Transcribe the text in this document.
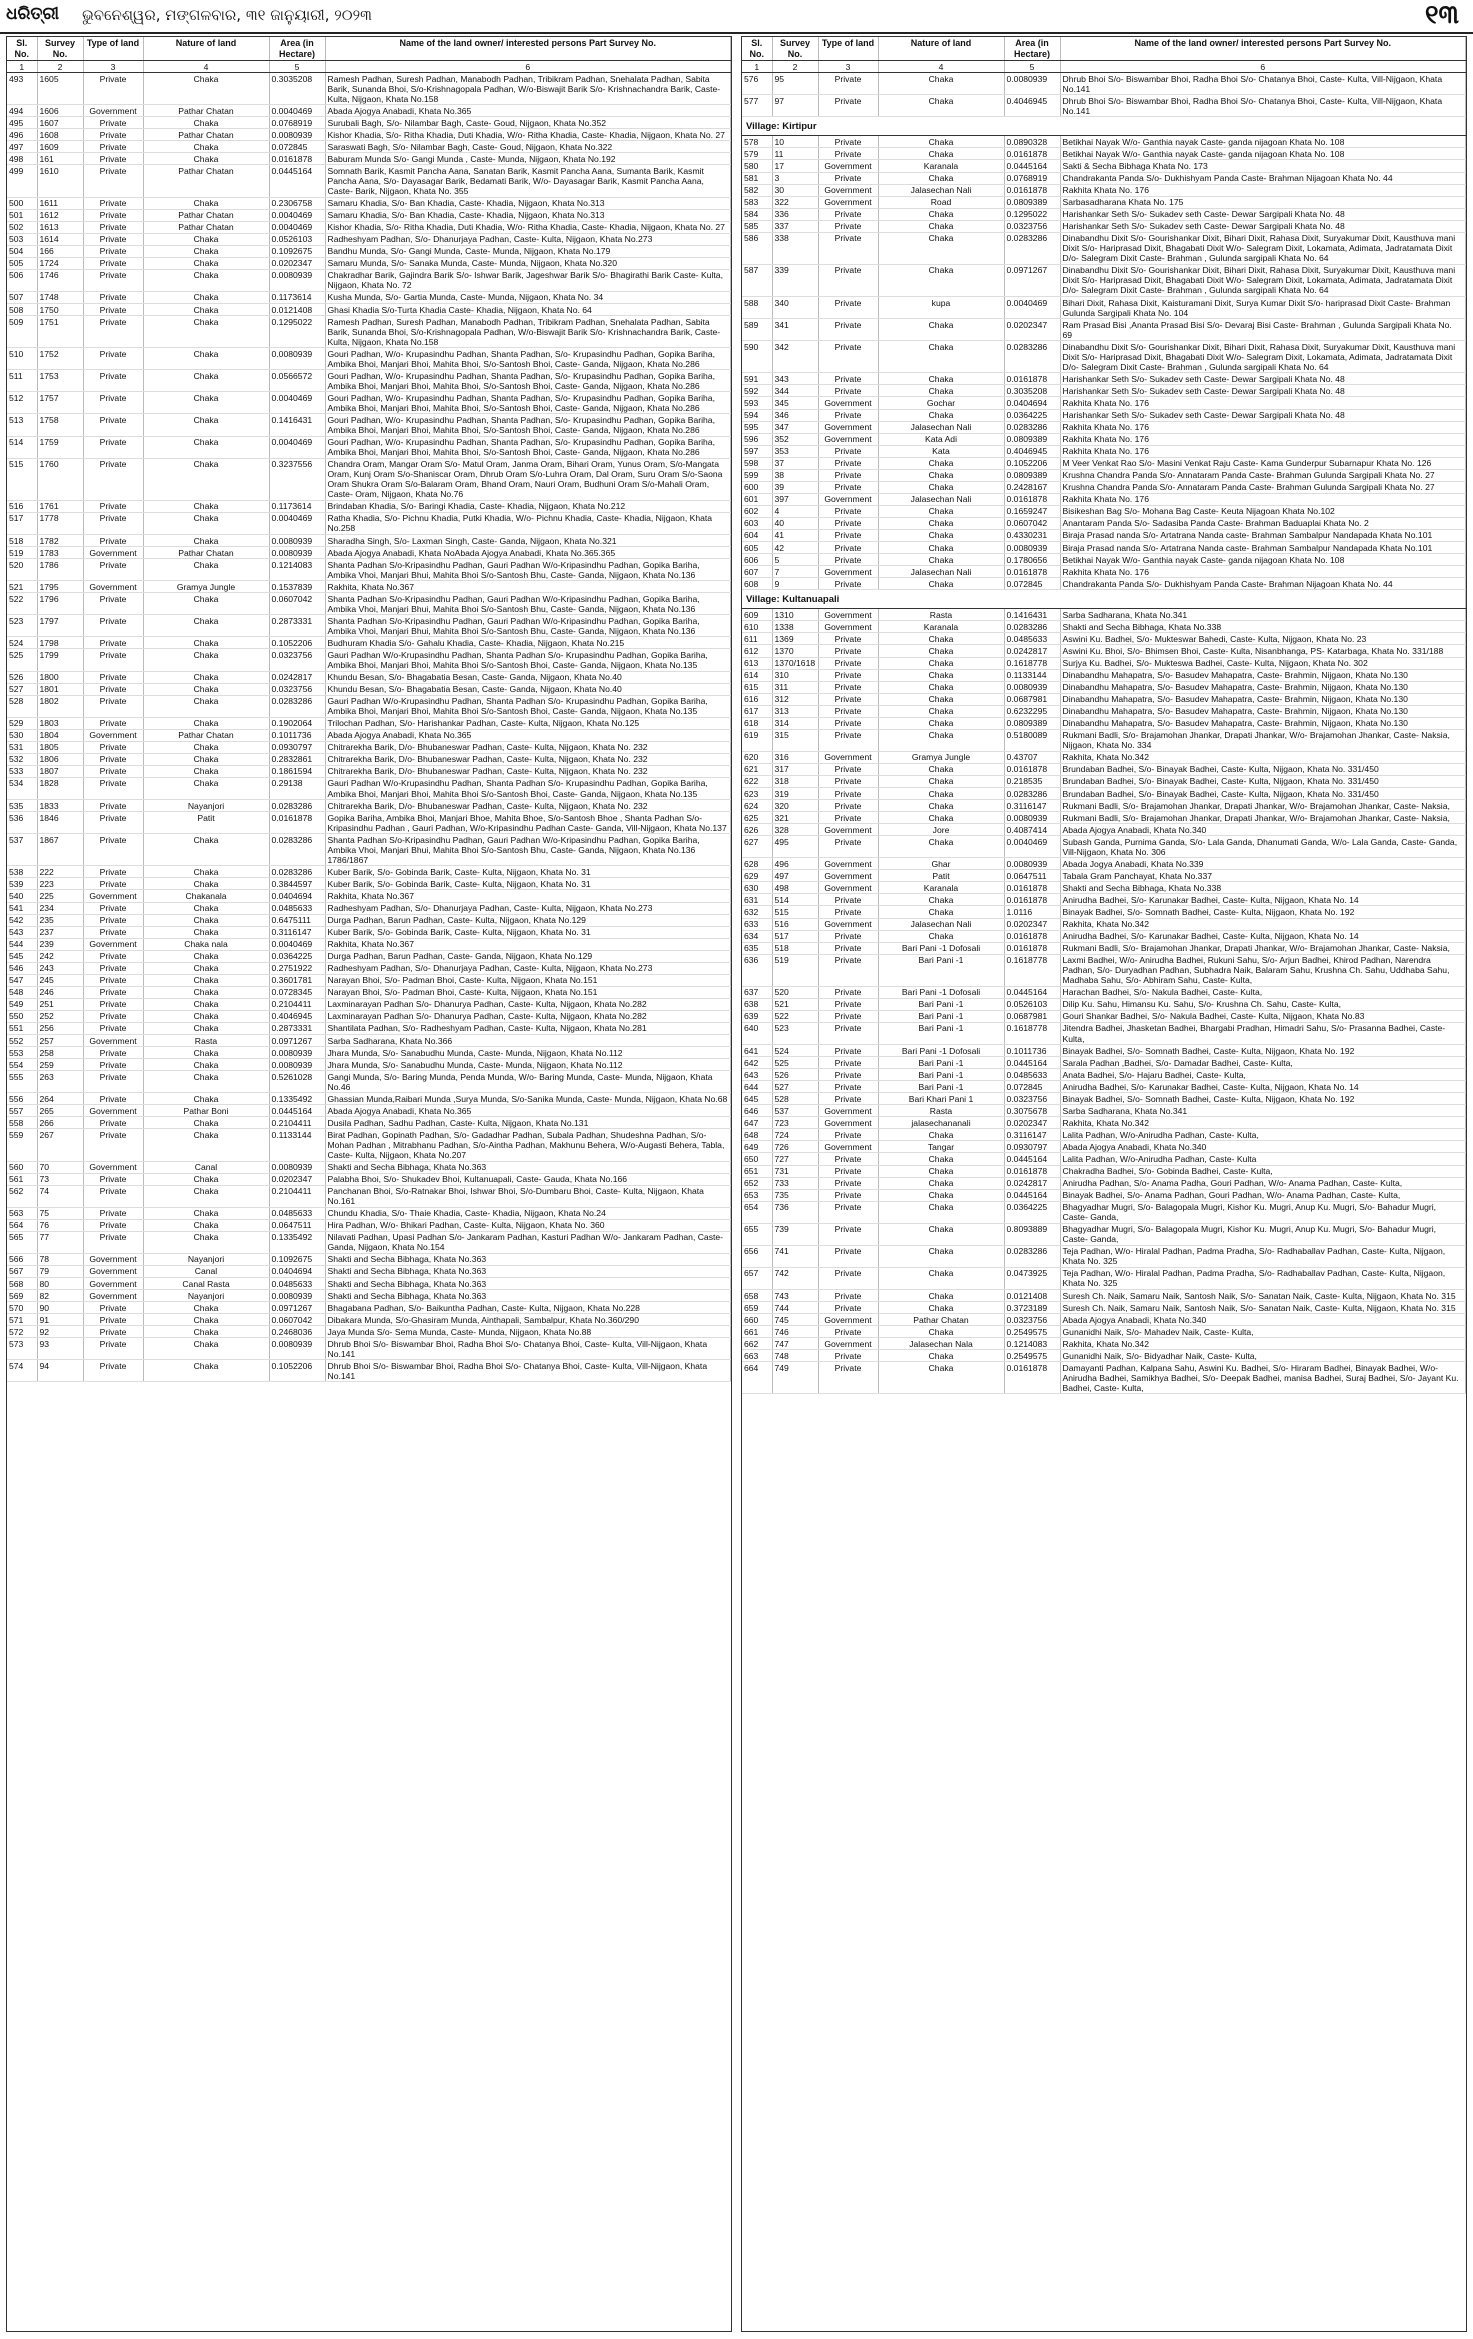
ଧରିତ୍ରୀ ଭୁବନେଶ୍ୱର, ମଙ୍ଗଳବାର, ୩୧ ଜାନୁୟାରୀ, ୨୦୨୩	୧୩
Sl. No.	Survey No.	Type of land	Nature of land	Area (in Hectare)	Name of the land owner/ interested persons Part Survey No.
1	2	3	4	5	6
493	1605	Private	Chaka	0.3035208	Ramesh Padhan, Suresh Padhan, Manabodh Padhan, Tribikram Padhan, Snehalata Padhan, Sabita Barik, Sunanda Bhoi, S/o-Krishnagopala Padhan, W/o-Biswajit Barik S/o- Krishnachandra Barik, Caste- Kulta, Nijgaon, Khata No.158
494	1606	Government	Pathar Chatan	0.0040469	Abada Ajogya Anabadi, Khata No.365
495	1607	Private	Chaka	0.0768919	Surubali Bagh, S/o- Nilambar Bagh, Caste- Goud, Nijgaon, Khata No.352
496	1608	Private	Pathar Chatan	0.0080939	Kishor Khadia, S/o- Ritha Khadia, Duti Khadia, W/o- Ritha Khadia, Caste- Khadia, Nijgaon, Khata No. 27
497	1609	Private	Chaka	0.072845	Saraswati Bagh, S/o- Nilambar Bagh, Caste- Goud, Nijgaon, Khata No.322
498	161	Private	Chaka	0.0161878	Baburam Munda S/o- Gangi Munda , Caste- Munda, Nijgaon, Khata No.192
499	1610	Private	Pathar Chatan	0.0445164	Somnath Barik, Kasmit Pancha Aana, Sanatan Barik, Kasmit Pancha Aana, Sumanta Barik, Kasmit Pancha Aana, S/o- Dayasagar Barik, Bedamati Barik, W/o- Dayasagar Barik, Kasmit Pancha Aana, Caste- Barik, Nijgaon, Khata No. 355
500	1611	Private	Chaka	0.2306758	Samaru Khadia, S/o- Ban Khadia, Caste- Khadia, Nijgaon, Khata No.313
501	1612	Private	Pathar Chatan	0.0040469	Samaru Khadia, S/o- Ban Khadia, Caste- Khadia, Nijgaon, Khata No.313
502	1613	Private	Pathar Chatan	0.0040469	Kishor Khadia, S/o- Ritha Khadia, Duti Khadia, W/o- Ritha Khadia, Caste- Khadia, Nijgaon, Khata No. 27
503	1614	Private	Chaka	0.0526103	Radheshyam Padhan, S/o- Dhanurjaya Padhan, Caste- Kulta, Nijgaon, Khata No.273
504	166	Private	Chaka	0.1092675	Bandhu Munda, S/o- Gangi Munda, Caste- Munda, Nijgaon, Khata No.179
505	1724	Private	Chaka	0.0202347	Samaru Munda, S/o- Sanaka Munda, Caste- Munda, Nijgaon, Khata No.320
506	1746	Private	Chaka	0.0080939	Chakradhar Barik, Gajindra Barik S/o- Ishwar Barik, Jageshwar Barik S/o- Bhagirathi Barik Caste- Kulta, Nijgaon, Khata No. 72
507	1748	Private	Chaka	0.1173614	Kusha Munda, S/o- Gartia Munda, Caste- Munda, Nijgaon, Khata No. 34
508	1750	Private	Chaka	0.0121408	Ghasi Khadia S/o-Turta Khadia Caste- Khadia, Nijgaon, Khata No. 64
509	1751	Private	Chaka	0.1295022	Ramesh Padhan, Suresh Padhan, Manabodh Padhan, Tribikram Padhan, Snehalata Padhan, Sabita Barik, Sunanda Bhoi, S/o-Krishnagopala Padhan, W/o-Biswajit Barik S/o- Krishnachandra Barik, Caste- Kulta, Nijgaon, Khata No.158
510	1752	Private	Chaka	0.0080939	Gouri Padhan, W/o- Krupasindhu Padhan, Shanta Padhan, S/o- Krupasindhu Padhan, Gopika Bariha, Ambika Bhoi, Manjari Bhoi, Mahita Bhoi, S/o-Santosh Bhoi, Caste- Ganda, Nijgaon, Khata No.286
511	1753	Private	Chaka	0.0566572	Gouri Padhan, W/o- Krupasindhu Padhan, Shanta Padhan, S/o- Krupasindhu Padhan, Gopika Bariha, Ambika Bhoi, Manjari Bhoi, Mahita Bhoi, S/o-Santosh Bhoi, Caste- Ganda, Nijgaon, Khata No.286
512	1757	Private	Chaka	0.0040469	Gouri Padhan, W/o- Krupasindhu Padhan, Shanta Padhan, S/o- Krupasindhu Padhan, Gopika Bariha, Ambika Bhoi, Manjari Bhoi, Mahita Bhoi, S/o-Santosh Bhoi, Caste- Ganda, Nijgaon, Khata No.286
513	1758	Private	Chaka	0.1416431	Gouri Padhan, W/o- Krupasindhu Padhan, Shanta Padhan, S/o- Krupasindhu Padhan, Gopika Bariha, Ambika Bhoi, Manjari Bhoi, Mahita Bhoi, S/o-Santosh Bhoi, Caste- Ganda, Nijgaon, Khata No.286
514	1759	Private	Chaka	0.0040469	Gouri Padhan, W/o- Krupasindhu Padhan, Shanta Padhan, S/o- Krupasindhu Padhan, Gopika Bariha, Ambika Bhoi, Manjari Bhoi, Mahita Bhoi, S/o-Santosh Bhoi, Caste- Ganda, Nijgaon, Khata No.286
515	1760	Private	Chaka	0.3237556	Chandra Oram, Mangar Oram S/o- Matul Oram, Janma Oram, Bihari Oram, Yunus Oram, S/o-Mangata Oram, Kunj Oram S/o-Shaniscar Oram, Dhrub Oram S/o-Luhra Oram, Dal Oram, Suru Oram S/o-Saona Oram Shukra Oram S/o-Balaram Oram, Bhand Oram, Nauri Oram, Budhuni Oram S/o-Mahali Oram, Caste- Oram, Nijgaon, Khata No.76
516	1761	Private	Chaka	0.1173614	Brindaban Khadia, S/o- Baringi Khadia, Caste- Khadia, Nijgaon, Khata No.212
517	1778	Private	Chaka	0.0040469	Ratha Khadia, S/o- Pichnu Khadia, Putki Khadia, W/o- Pichnu Khadia, Caste- Khadia, Nijgaon, Khata No.258
518	1782	Private	Chaka	0.0080939	Sharadha Singh, S/o- Laxman Singh, Caste- Ganda, Nijgaon, Khata No.321
519	1783	Government	Pathar Chatan	0.0080939	Abada Ajogya Anabadi, Khata NoAbada Ajogya Anabadi, Khata No.365.365
520	1786	Private	Chaka	0.1214083	Shanta Padhan S/o-Kripasindhu Padhan, Gauri Padhan W/o-Kripasindhu Padhan, Gopika Bariha, Ambika Vhoi, Manjari Bhui, Mahita Bhoi S/o-Santosh Bhu, Caste- Ganda, Nijgaon, Khata No.136
521	1795	Government	Gramya Jungle	0.1537839	Rakhita, Khata No.367
522	1796	Private	Chaka	0.0607042	Shanta Padhan S/o-Kripasindhu Padhan, Gauri Padhan W/o-Kripasindhu Padhan, Gopika Bariha, Ambika Vhoi, Manjari Bhui, Mahita Bhoi S/o-Santosh Bhu, Caste- Ganda, Nijgaon, Khata No.136
523	1797	Private	Chaka	0.2873331	Shanta Padhan S/o-Kripasindhu Padhan, Gauri Padhan W/o-Kripasindhu Padhan, Gopika Bariha, Ambika Vhoi, Manjari Bhui, Mahita Bhoi S/o-Santosh Bhu, Caste- Ganda, Nijgaon, Khata No.136
524	1798	Private	Chaka	0.1052206	Budhuram Khadia S/o- Gahalu Khadia, Caste- Khadia, Nijgaon, Khata No.215
525	1799	Private	Chaka	0.0323756	Gauri Padhan W/o-Krupasindhu Padhan, Shanta Padhan S/o- Krupasindhu Padhan, Gopika Bariha, Ambika Bhoi, Manjari Bhoi, Mahita Bhoi S/o-Santosh Bhoi, Caste- Ganda, Nijgaon, Khata No.135
526	1800	Private	Chaka	0.0242817	Khundu Besan, S/o- Bhagabatia Besan, Caste- Ganda, Nijgaon, Khata No.40
527	1801	Private	Chaka	0.0323756	Khundu Besan, S/o- Bhagabatia Besan, Caste- Ganda, Nijgaon, Khata No.40
528	1802	Private	Chaka	0.0283286	Gauri Padhan W/o-Krupasindhu Padhan, Shanta Padhan S/o- Krupasindhu Padhan, Gopika Bariha, Ambika Bhoi, Manjari Bhoi, Mahita Bhoi S/o-Santosh Bhoi, Caste- Ganda, Nijgaon, Khata No.135
529	1803	Private	Chaka	0.1902064	Trilochan Padhan, S/o- Harishankar Padhan, Caste- Kulta, Nijgaon, Khata No.125
530	1804	Government	Pathar Chatan	0.1011736	Abada Ajogya Anabadi, Khata No.365
531	1805	Private	Chaka	0.0930797	Chitrarekha Barik, D/o- Bhubaneswar Padhan, Caste- Kulta, Nijgaon, Khata No. 232
532	1806	Private	Chaka	0.2832861	Chitrarekha Barik, D/o- Bhubaneswar Padhan, Caste- Kulta, Nijgaon, Khata No. 232
533	1807	Private	Chaka	0.1861594	Chitrarekha Barik, D/o- Bhubaneswar Padhan, Caste- Kulta, Nijgaon, Khata No. 232
534	1828	Private	Chaka	0.29138	Gauri Padhan W/o-Krupasindhu Padhan, Shanta Padhan S/o- Krupasindhu Padhan, Gopika Bariha, Ambika Bhoi, Manjari Bhoi, Mahita Bhoi S/o-Santosh Bhoi, Caste- Ganda, Nijgaon, Khata No.135
535	1833	Private	Nayanjori	0.0283286	Chitrarekha Barik, D/o- Bhubaneswar Padhan, Caste- Kulta, Nijgaon, Khata No. 232
536	1846	Private	Patit	0.0161878	Gopika Bariha, Ambika Bhoi, Manjari Bhoe, Mahita Bhoe, S/o-Santosh Bhoe , Shanta Padhan S/o-Kripasindhu Padhan , Gauri Padhan, W/o-Kripasindhu Padhan Caste- Ganda, Vill-Nijgaon, Khata No.137
537	1867	Private	Chaka	0.0283286	Shanta Padhan S/o-Kripasindhu Padhan, Gauri Padhan W/o-Kripasindhu Padhan, Gopika Bariha, Ambika Vhoi, Manjari Bhui, Mahita Bhoi S/o-Santosh Bhu, Caste- Ganda, Nijgaon, Khata No.136 1786/1867
538	222	Private	Chaka	0.0283286	Kuber Barik, S/o- Gobinda Barik, Caste- Kulta, Nijgaon, Khata No. 31
539	223	Private	Chaka	0.3844597	Kuber Barik, S/o- Gobinda Barik, Caste- Kulta, Nijgaon, Khata No. 31
540	225	Government	Chakanala	0.0404694	Rakhita, Khata No.367
541	234	Private	Chaka	0.0485633	Radheshyam Padhan, S/o- Dhanurjaya Padhan, Caste- Kulta, Nijgaon, Khata No.273
542	235	Private	Chaka	0.6475111	Durga Padhan, Barun Padhan, Caste- Kulta, Nijgaon, Khata No.129
543	237	Private	Chaka	0.3116147	Kuber Barik, S/o- Gobinda Barik, Caste- Kulta, Nijgaon, Khata No. 31
544	239	Government	Chaka nala	0.0040469	Rakhita, Khata No.367
545	242	Private	Chaka	0.0364225	Durga Padhan, Barun Padhan, Caste- Ganda, Nijgaon, Khata No.129
546	243	Private	Chaka	0.2751922	Radheshyam Padhan, S/o- Dhanurjaya Padhan, Caste- Kulta, Nijgaon, Khata No.273
547	245	Private	Chaka	0.3601781	Narayan Bhoi, S/o- Padman Bhoi, Caste- Kulta, Nijgaon, Khata No.151
548	246	Private	Chaka	0.0728345	Narayan Bhoi, S/o- Padman Bhoi, Caste- Kulta, Nijgaon, Khata No.151
549	251	Private	Chaka	0.2104411	Laxminarayan Padhan S/o- Dhanurya Padhan, Caste- Kulta, Nijgaon, Khata No.282
550	252	Private	Chaka	0.4046945	Laxminarayan Padhan S/o- Dhanurya Padhan, Caste- Kulta, Nijgaon, Khata No.282
551	256	Private	Chaka	0.2873331	Shantilata Padhan, S/o- Radheshyam Padhan, Caste- Kulta, Nijgaon, Khata No.281
552	257	Government	Rasta	0.0971267	Sarba Sadharana, Khata No.366
553	258	Private	Chaka	0.0080939	Jhara Munda, S/o- Sanabudhu Munda, Caste- Munda, Nijgaon, Khata No.112
554	259	Private	Chaka	0.0080939	Jhara Munda, S/o- Sanabudhu Munda, Caste- Munda, Nijgaon, Khata No.112
555	263	Private	Chaka	0.5261028	Gangi Munda, S/o- Baring Munda, Penda Munda, W/o- Baring Munda, Caste- Munda, Nijgaon, Khata No.46
556	264	Private	Chaka	0.1335492	Ghassian Munda,Raibari Munda ,Surya Munda, S/o-Sanika Munda, Caste- Munda, Nijgaon, Khata No.68
557	265	Government	Pathar Boni	0.0445164	Abada Ajogya Anabadi, Khata No.365
558	266	Private	Chaka	0.2104411	Dusila Padhan, Sadhu Padhan, Caste- Kulta, Nijgaon, Khata No.131
559	267	Private	Chaka	0.1133144	Birat Padhan, Gopinath Padhan, S/o- Gadadhar Padhan, Subala Padhan, Shudeshna Padhan, S/o-Mohan Padhan , Mitrabhanu Padhan, S/o-Aintha Padhan, Makhunu Behera, W/o-Augasti Behera, Tabla, Caste- Kulta, Nijgaon, Khata No.207
560	70	Government	Canal	0.0080939	Shakti and Secha Bibhaga, Khata No.363
561	73	Private	Chaka	0.0202347	Palabha Bhoi, S/o- Shukadev Bhoi, Kultanuapali, Caste- Gauda, Khata No.166
562	74	Private	Chaka	0.2104411	Panchanan Bhoi, S/o-Ratnakar Bhoi, Ishwar Bhoi, S/o-Dumbaru Bhoi, Caste- Kulta, Nijgaon, Khata No.161
563	75	Private	Chaka	0.0485633	Chundu Khadia, S/o- Thaie Khadia, Caste- Khadia, Nijgaon, Khata No.24
564	76	Private	Chaka	0.0647511	Hira Padhan, W/o- Bhikari Padhan, Caste- Kulta, Nijgaon, Khata No. 360
565	77	Private	Chaka	0.1335492	Nilavati Padhan, Upasi Padhan S/o- Jankaram Padhan, Kasturi Padhan W/o- Jankaram Padhan, Caste- Ganda, Nijgaon, Khata No.154
566	78	Government	Nayanjori	0.1092675	Shakti and Secha Bibhaga, Khata No.363
567	79	Government	Canal	0.0404694	Shakti and Secha Bibhaga, Khata No.363
568	80	Government	Canal Rasta	0.0485633	Shakti and Secha Bibhaga, Khata No.363
569	82	Government	Nayanjori	0.0080939	Shakti and Secha Bibhaga, Khata No.363
570	90	Private	Chaka	0.0971267	Bhagabana Padhan, S/o- Baikuntha Padhan, Caste- Kulta, Nijgaon, Khata No.228
571	91	Private	Chaka	0.0607042	Dibakara Munda, S/o-Ghasiram Munda, Ainthapali, Sambalpur, Khata No.360/290
572	92	Private	Chaka	0.2468036	Jaya Munda S/o- Sema Munda, Caste- Munda, Nijgaon, Khata No.88
573	93	Private	Chaka	0.0080939	Dhrub Bhoi S/o- Biswambar Bhoi, Radha Bhoi S/o- Chatanya Bhoi, Caste- Kulta, Vill-Nijgaon, Khata No.141
574	94	Private	Chaka	0.1052206	Dhrub Bhoi S/o- Biswambar Bhoi, Radha Bhoi S/o- Chatanya Bhoi, Caste- Kulta, Vill-Nijgaon, Khata No.141
Sl. No.	Survey No.	Type of land	Nature of land	Area (in Hectare)	Name of the land owner/ interested persons Part Survey No.
1	2	3	4	5	6
576	95	Private	Chaka	0.0080939	Dhrub Bhoi S/o- Biswambar Bhoi, Radha Bhoi S/o- Chatanya Bhoi, Caste- Kulta, Vill-Nijgaon, Khata No.141
577	97	Private	Chaka	0.4046945	Dhrub Bhoi S/o- Biswambar Bhoi, Radha Bhoi S/o- Chatanya Bhoi, Caste- Kulta, Vill-Nijgaon, Khata No.141
Village: Kirtipur					
578	10	Private	Chaka	0.0890328	Betikhai Nayak W/o- Ganthia nayak Caste- ganda nijagoan Khata No. 108
579	11	Private	Chaka	0.0161878	Betikhai Nayak W/o- Ganthia nayak Caste- ganda nijagoan Khata No. 108
580	17	Government	Karanala	0.0445164	Sakti & Secha Bibhaga Khata No. 173
581	3	Private	Chaka	0.0768919	Chandrakanta Panda S/o- Dukhishyam Panda Caste- Brahman Nijagoan Khata No. 44
582	30	Government	Jalasechan Nali	0.0161878	Rakhita Khata No. 176
583	322	Government	Road	0.0809389	Sarbasadharana Khata No. 175
584	336	Private	Chaka	0.1295022	Harishankar Seth S/o- Sukadev seth Caste- Dewar Sargipali Khata No. 48
585	337	Private	Chaka	0.0323756	Harishankar Seth S/o- Sukadev seth Caste- Dewar Sargipali Khata No. 48
586	338	Private	Chaka	0.0283286	Dinabandhu Dixit S/o- Gourishankar Dixit, Bihari Dixit, Rahasa Dixit, Suryakumar Dixit, Kausthuva mani Dixit S/o- Hariprasad Dixit, Bhagabati Dixit W/o- Salegram Dixit, Lokamata, Adimata, Jadratamata Dixit D/o- Salegram Dixit Caste- Brahman , Gulunda sargipali Khata No. 64
587	339	Private	Chaka	0.0971267	Dinabandhu Dixit S/o- Gourishankar Dixit, Bihari Dixit, Rahasa Dixit, Suryakumar Dixit, Kausthuva mani Dixit S/o- Hariprasad Dixit, Bhagabati Dixit W/o- Salegram Dixit, Lokamata, Adimata, Jadratamata Dixit D/o- Salegram Dixit Caste- Brahman , Gulunda sargipali Khata No. 64
588	340	Private	kupa	0.0040469	Bihari Dixit, Rahasa Dixit, Kaisturamani Dixit, Surya Kumar Dixit S/o- hariprasad Dixit Caste- Brahman Gulunda Sargipali Khata No. 104
589	341	Private	Chaka	0.0202347	Ram Prasad Bisi ,Ananta Prasad Bisi S/o- Devaraj Bisi Caste- Brahman , Gulunda Sargipali Khata No. 69
590	342	Private	Chaka	0.0283286	Dinabandhu Dixit S/o- Gourishankar Dixit, Bihari Dixit, Rahasa Dixit, Suryakumar Dixit, Kausthuva mani Dixit S/o- Hariprasad Dixit, Bhagabati Dixit W/o- Salegram Dixit, Lokamata, Adimata, Jadratamata Dixit D/o- Salegram Dixit Caste- Brahman , Gulunda sargipali Khata No. 64
591	343	Private	Chaka	0.0161878	Harishankar Seth S/o- Sukadev seth Caste- Dewar Sargipali Khata No. 48
592	344	Private	Chaka	0.3035208	Harishankar Seth S/o- Sukadev seth Caste- Dewar Sargipali Khata No. 48
593	345	Government	Gochar	0.0404694	Rakhita Khata No. 176
594	346	Private	Chaka	0.0364225	Harishankar Seth S/o- Sukadev seth Caste- Dewar Sargipali Khata No. 48
595	347	Government	Jalasechan Nali	0.0283286	Rakhita Khata No. 176
596	352	Government	Kata Adi	0.0809389	Rakhita Khata No. 176
597	353	Private	Kata	0.4046945	Rakhita Khata No. 176
598	37	Private	Chaka	0.1052206	M Veer Venkat Rao S/o- Masini Venkat Raju Caste- Kama Gunderpur Subarnapur Khata No. 126
599	38	Private	Chaka	0.0809389	Krushna Chandra Panda S/o- Annataram Panda Caste- Brahman Gulunda Sargipali Khata No. 27
600	39	Private	Chaka	0.2428167	Krushna Chandra Panda S/o- Annataram Panda Caste- Brahman Gulunda Sargipali Khata No. 27
601	397	Government	Jalasechan Nali	0.0161878	Rakhita Khata No. 176
602	4	Private	Chaka	0.1659247	Bisikeshan Bag S/o- Mohana Bag Caste- Keuta Nijagoan Khata No.102
603	40	Private	Chaka	0.0607042	Anantaram Panda S/o- Sadasiba Panda Caste- Brahman Baduaplai Khata No. 2
604	41	Private	Chaka	0.4330231	Biraja Prasad nanda S/o- Artatrana Nanda caste- Brahman Sambalpur Nandapada Khata No.101
605	42	Private	Chaka	0.0080939	Biraja Prasad nanda S/o- Artatrana Nanda caste- Brahman Sambalpur Nandapada Khata No.101
606	5	Private	Chaka	0.1780656	Betikhai Nayak W/o- Ganthia nayak Caste- ganda nijagoan Khata No. 108
607	7	Government	Jalasechan Nali	0.0161878	Rakhita Khata No. 176
608	9	Private	Chaka	0.072845	Chandrakanta Panda S/o- Dukhishyam Panda Caste- Brahman Nijagoan Khata No. 44
Village: Kultanuapali					
609	1310	Government	Rasta	0.1416431	Sarba Sadharana, Khata No.341
610	1338	Government	Karanala	0.0283286	Shakti and Secha Bibhaga, Khata No.338
611	1369	Private	Chaka	0.0485633	Aswini Ku. Badhei, S/o- Mukteswar Bahedi, Caste- Kulta, Nijgaon, Khata No. 23
612	1370	Private	Chaka	0.0242817	Aswini Ku. Bhoi, S/o- Bhimsen Bhoi, Caste- Kulta, Nisanbhanga, PS- Katarbaga, Khata No. 331/188
613	1370/1618	Private	Chaka	0.1618778	Surjya Ku. Badhei, S/o- Mukteswa Badhei, Caste- Kulta, Nijgaon, Khata No. 302
614	310	Private	Chaka	0.1133144	Dinabandhu Mahapatra, S/o- Basudev Mahapatra, Caste- Brahmin, Nijgaon, Khata No.130
615	311	Private	Chaka	0.0080939	Dinabandhu Mahapatra, S/o- Basudev Mahapatra, Caste- Brahmin, Nijgaon, Khata No.130
616	312	Private	Chaka	0.0687981	Dinabandhu Mahapatra, S/o- Basudev Mahapatra, Caste- Brahmin, Nijgaon, Khata No.130
617	313	Private	Chaka	0.6232295	Dinabandhu Mahapatra, S/o- Basudev Mahapatra, Caste- Brahmin, Nijgaon, Khata No.130
618	314	Private	Chaka	0.0809389	Dinabandhu Mahapatra, S/o- Basudev Mahapatra, Caste- Brahmin, Nijgaon, Khata No.130
619	315	Private	Chaka	0.5180089	Rukmani Badli, S/o- Brajamohan Jhankar, Drapati Jhankar, W/o- Brajamohan Jhankar, Caste- Naksia, Nijgaon, Khata No. 334
620	316	Government	Gramya Jungle	0.43707	Rakhita, Khata No.342
621	317	Private	Chaka	0.0161878	Brundaban Badhei, S/o- Binayak Badhei, Caste- Kulta, Nijgaon, Khata No. 331/450
622	318	Private	Chaka	0.218535	Brundaban Badhei, S/o- Binayak Badhei, Caste- Kulta, Nijgaon, Khata No. 331/450
623	319	Private	Chaka	0.0283286	Brundaban Badhei, S/o- Binayak Badhei, Caste- Kulta, Nijgaon, Khata No. 331/450
624	320	Private	Chaka	0.3116147	Rukmani Badli, S/o- Brajamohan Jhankar, Drapati Jhankar, W/o- Brajamohan Jhankar, Caste- Naksia,
625	321	Private	Chaka	0.0080939	Rukmani Badli, S/o- Brajamohan Jhankar, Drapati Jhankar, W/o- Brajamohan Jhankar, Caste- Naksia,
626	328	Government	Jore	0.4087414	Abada Ajogya Anabadi, Khata No.340
627	495	Private	Chaka	0.0040469	Subash Ganda, Purnima Ganda, S/o- Lala Ganda, Dhanumati Ganda, W/o- Lala Ganda, Caste- Ganda, Vill-Nijgaon, Khata No. 306
628	496	Government	Ghar	0.0080939	Abada Jogya Anabadi, Khata No.339
629	497	Government	Patit	0.0647511	Tabala Gram Panchayat, Khata No.337
630	498	Government	Karanala	0.0161878	Shakti and Secha Bibhaga, Khata No.338
631	514	Private	Chaka	0.0161878	Anirudha Badhei, S/o- Karunakar Badhei, Caste- Kulta, Nijgaon, Khata No. 14
632	515	Private	Chaka	1.0116	Binayak Badhei, S/o- Somnath Badhei, Caste- Kulta, Nijgaon, Khata No. 192
633	516	Government	Jalasechan Nali	0.0202347	Rakhita, Khata No.342
634	517	Private	Chaka	0.0161878	Anirudha Badhei, S/o- Karunakar Badhei, Caste- Kulta, Nijgaon, Khata No. 14
635	518	Private	Bari Pani -1 Dofosali	0.0161878	Rukmani Badli, S/o- Brajamohan Jhankar, Drapati Jhankar, W/o- Brajamohan Jhankar, Caste- Naksia,
636	519	Private	Bari Pani -1	0.1618778	Laxmi Badhei, W/o- Anirudha Badhei, Rukuni Sahu, S/o- Arjun Badhei, Khirod Padhan, Narendra Padhan, S/o- Duryadhan Padhan, Subhadra Naik, Balaram Sahu, Krushna Ch. Sahu, Uddhaba Sahu, Madhaba Sahu, S/o- Abhiram Sahu, Caste- Kulta,
637	520	Private	Bari Pani -1 Dofosali	0.0445164	Harachan Badhei, S/o- Nakula Badhei, Caste- Kulta,
638	521	Private	Bari Pani -1	0.0526103	Dilip Ku. Sahu, Himansu Ku. Sahu, S/o- Krushna Ch. Sahu, Caste- Kulta,
639	522	Private	Bari Pani -1	0.0687981	Gouri Shankar Badhei, S/o- Nakula Badhei, Caste- Kulta, Nijgaon, Khata No.83
640	523	Private	Bari Pani -1	0.1618778	Jitendra Badhei, Jhasketan Badhei, Bhargabi Pradhan, Himadri Sahu, S/o- Prasanna Badhei, Caste- Kulta,
641	524	Private	Bari Pani -1 Dofosali	0.1011736	Binayak Badhei, S/o- Somnath Badhei, Caste- Kulta, Nijgaon, Khata No. 192
642	525	Private	Bari Pani -1	0.0445164	Sarala Padhan ,Badhei, S/o- Damadar Badhei, Caste- Kulta,
643	526	Private	Bari Pani -1	0.0485633	Anata Badhei, S/o- Hajaru Badhei, Caste- Kulta,
644	527	Private	Bari Pani -1	0.072845	Anirudha Badhei, S/o- Karunakar Badhei, Caste- Kulta, Nijgaon, Khata No. 14
645	528	Private	Bari Khari Pani 1	0.0323756	Binayak Badhei, S/o- Somnath Badhei, Caste- Kulta, Nijgaon, Khata No. 192
646	537	Government	Rasta	0.3075678	Sarba Sadharana, Khata No.341
647	723	Government	jalasechananali	0.0202347	Rakhita, Khata No.342
648	724	Private	Chaka	0.3116147	Lalita Padhan, W/o-Anirudha Padhan, Caste- Kulta,
649	726	Government	Tangar	0.0930797	Abada Ajogya Anabadi, Khata No.340
650	727	Private	Chaka	0.0445164	Lalita Padhan, W/o-Anirudha Padhan, Caste- Kulta
651	731	Private	Chaka	0.0161878	Chakradha Badhei, S/o- Gobinda Badhei, Caste- Kulta,
652	733	Private	Chaka	0.0242817	Anirudha Padhan, S/o- Anama Padha, Gouri Padhan, W/o- Anama Padhan, Caste- Kulta,
653	735	Private	Chaka	0.0445164	Binayak Badhei, S/o- Anama Padhan, Gouri Padhan, W/o- Anama Padhan, Caste- Kulta,
654	736	Private	Chaka	0.0364225	Bhagyadhar Mugri, S/o- Balagopala Mugri, Kishor Ku. Mugri, Anup Ku. Mugri, S/o- Bahadur Mugri, Caste- Ganda,
655	739	Private	Chaka	0.8093889	Bhagyadhar Mugri, S/o- Balagopala Mugri, Kishor Ku. Mugri, Anup Ku. Mugri, S/o- Bahadur Mugri, Caste- Ganda,
656	741	Private	Chaka	0.0283286	Teja Padhan, W/o- Hiralal Padhan, Padma Pradha, S/o- Radhaballav Padhan, Caste- Kulta, Nijgaon, Khata No. 325
657	742	Private	Chaka	0.0473925	Teja Padhan, W/o- Hiralal Padhan, Padma Pradha, S/o- Radhaballav Padhan, Caste- Kulta, Nijgaon, Khata No. 325
658	743	Private	Chaka	0.0121408	Suresh Ch. Naik, Samaru Naik, Santosh Naik, S/o- Sanatan Naik, Caste- Kulta, Nijgaon, Khata No. 315
659	744	Private	Chaka	0.3723189	Suresh Ch. Naik, Samaru Naik, Santosh Naik, S/o- Sanatan Naik, Caste- Kulta, Nijgaon, Khata No. 315
660	745	Government	Pathar Chatan	0.0323756	Abada Ajogya Anabadi, Khata No.340
661	746	Private	Chaka	0.2549575	Gunanidhi Naik, S/o- Mahadev Naik, Caste- Kulta,
662	747	Government	Jalasechan Nala	0.1214083	Rakhita, Khata No.342
663	748	Private	Chaka	0.2549575	Gunanidhi Naik, S/o- Bidyadhar Naik, Caste- Kulta,
664	749	Private	Chaka	0.0161878	Damayanti Padhan, Kalpana Sahu, Aswini Ku. Badhei, S/o- Hiraram Badhei, Binayak Badhei, W/o- Anirudha Badhei, Samikhya Badhei, S/o- Deepak Badhei, manisa Badhei, Suraj Badhei, S/o- Jayant Ku. Badhei, Caste- Kulta,
